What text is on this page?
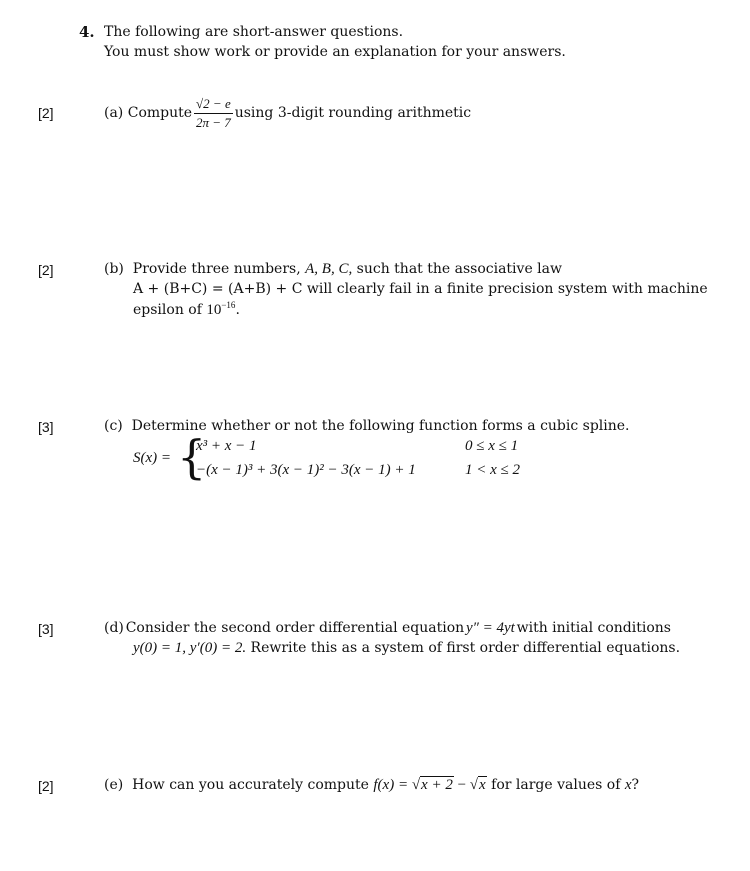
4. The following are short-answer questions.
You must show work or provide an explanation for your answers.
[2]	(a)
Compute $\frac{√2 - e}{2\pi - 7}$ using 3-digit rounding arithmetic
[2]	(b) Provide three numbers, A, B, C, such that the associative law
A + (B+C) = (A+B) + C will clearly fail in a finite precision system with machine
epsilon of $10^{-16}$.
[3]	(c) Determine whether or not the following function forms a cubic spline.
S(x) = {
x³ + x − 1	0 ≤ x ≤ 1
−(x − 1)³ + 3(x − 1)² − 3(x − 1) + 1	1 < x ≤ 2
[3]	(d) Consider the second order differential equation y″ = 4yt with initial conditions
y(0) = 1, y′(0) = 2. Rewrite this as a system of first order differential equations.
[2]	(e) How can you accurately compute f(x) = √x + 2 − √x for large values of x?
